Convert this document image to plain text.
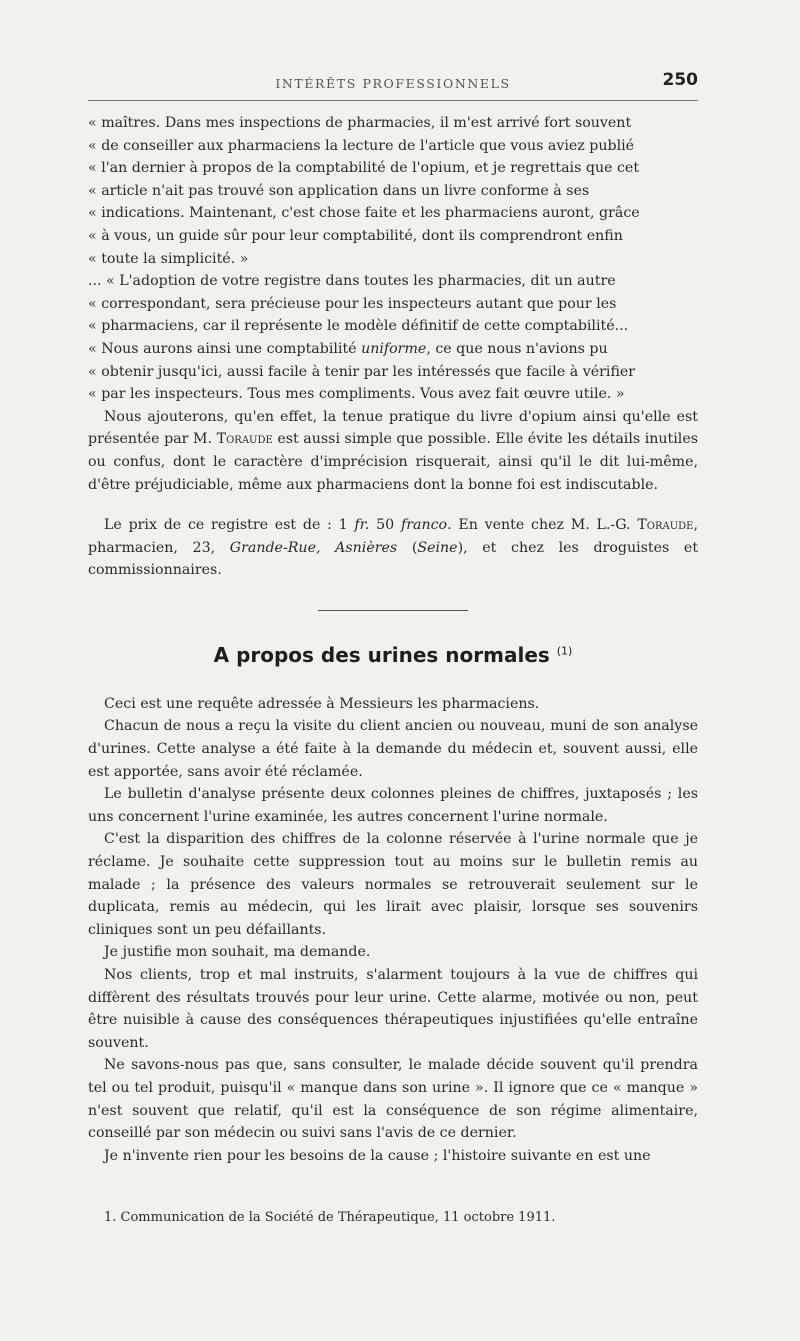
INTÉRÊTS PROFESSIONNELS	250

« maîtres. Dans mes inspections de pharmacies, il m'est arrivé fort souvent

« de conseiller aux pharmaciens la lecture de l'article que vous aviez publié

« l'an dernier à propos de la comptabilité de l'opium, et je regrettais que cet

« article n'ait pas trouvé son application dans un livre conforme à ses

« indications. Maintenant, c'est chose faite et les pharmaciens auront, grâce

« à vous, un guide sûr pour leur comptabilité, dont ils comprendront enfin

« toute la simplicité. »

... « L'adoption de votre registre dans toutes les pharmacies, dit un autre

« correspondant, sera précieuse pour les inspecteurs autant que pour les

« pharmaciens, car il représente le modèle définitif de cette comptabilité...

« Nous aurons ainsi une comptabilité uniforme, ce que nous n'avions pu

« obtenir jusqu'ici, aussi facile à tenir par les intéressés que facile à vérifier

« par les inspecteurs. Tous mes compliments. Vous avez fait œuvre utile. »

Nous ajouterons, qu'en effet, la tenue pratique du livre d'opium ainsi qu'elle est présentée par M. Toraude est aussi simple que possible. Elle évite les détails inutiles ou confus, dont le caractère d'imprécision risquerait, ainsi qu'il le dit lui-même, d'être préjudiciable, même aux pharmaciens dont la bonne foi est indiscutable.

Le prix de ce registre est de : 1 fr. 50 franco. En vente chez M. L.-G. Toraude, pharmacien, 23, Grande-Rue, Asnières (Seine), et chez les droguistes et commissionnaires.

A propos des urines normales $^{(1)}$

Ceci est une requête adressée à Messieurs les pharmaciens.

Chacun de nous a reçu la visite du client ancien ou nouveau, muni de son analyse d'urines. Cette analyse a été faite à la demande du médecin et, souvent aussi, elle est apportée, sans avoir été réclamée.

Le bulletin d'analyse présente deux colonnes pleines de chiffres, juxtaposés ; les uns concernent l'urine examinée, les autres concernent l'urine normale.

C'est la disparition des chiffres de la colonne réservée à l'urine normale que je réclame. Je souhaite cette suppression tout au moins sur le bulletin remis au malade ; la présence des valeurs normales se retrouverait seulement sur le duplicata, remis au médecin, qui les lirait avec plaisir, lorsque ses souvenirs cliniques sont un peu défaillants.

Je justifie mon souhait, ma demande.

Nos clients, trop et mal instruits, s'alarment toujours à la vue de chiffres qui diffèrent des résultats trouvés pour leur urine. Cette alarme, motivée ou non, peut être nuisible à cause des conséquences thérapeutiques injustifiées qu'elle entraîne souvent.

Ne savons-nous pas que, sans consulter, le malade décide souvent qu'il prendra tel ou tel produit, puisqu'il « manque dans son urine ». Il ignore que ce « manque » n'est souvent que relatif, qu'il est la conséquence de son régime alimentaire, conseillé par son médecin ou suivi sans l'avis de ce dernier.

Je n'invente rien pour les besoins de la cause ; l'histoire suivante en est une

1. Communication de la Société de Thérapeutique, 11 octobre 1911.
